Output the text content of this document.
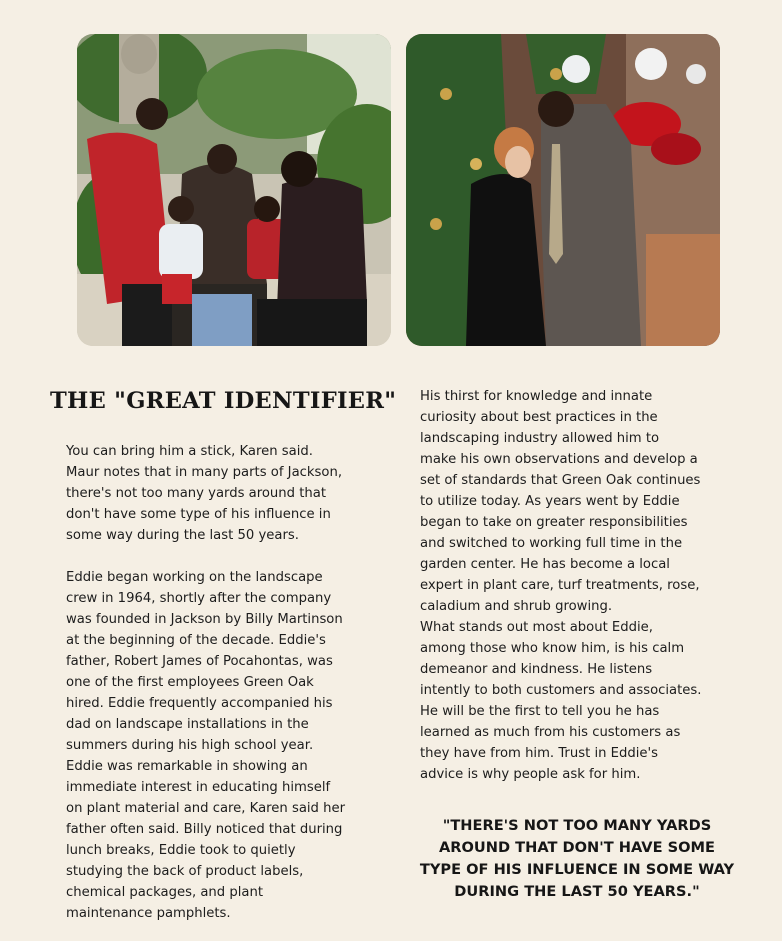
THE "GREAT IDENTIFIER"
You can bring him a stick, Karen said.
Maur notes that in many parts of Jackson,
there's not too many yards around that
don't have some type of his influence in
some way during the last 50 years.
Eddie began working on the landscape
crew in 1964, shortly after the company
was founded in Jackson by Billy Martinson
at the beginning of the decade. Eddie's
father, Robert James of Pocahontas, was
one of the first employees Green Oak
hired. Eddie frequently accompanied his
dad on landscape installations in the
summers during his high school year.
Eddie was remarkable in showing an
immediate interest in educating himself
on plant material and care, Karen said her
father often said. Billy noticed that during
lunch breaks, Eddie took to quietly
studying the back of product labels,
chemical packages, and plant
maintenance pamphlets.
His thirst for knowledge and innate
curiosity about best practices in the
landscaping industry allowed him to
make his own observations and develop a
set of standards that Green Oak continues
to utilize today. As years went by Eddie
began to take on greater responsibilities
and switched to working full time in the
garden center. He has become a local
expert in plant care, turf treatments, rose,
caladium and shrub growing.
What stands out most about Eddie,
among those who know him, is his calm
demeanor and kindness. He listens
intently to both customers and associates.
He will be the first to tell you he has
learned as much from his customers as
they have from him. Trust in Eddie's
advice is why people ask for him.
"THERE'S NOT TOO MANY YARDS
AROUND THAT DON'T HAVE SOME
TYPE OF HIS INFLUENCE IN SOME WAY
DURING THE LAST 50 YEARS."
